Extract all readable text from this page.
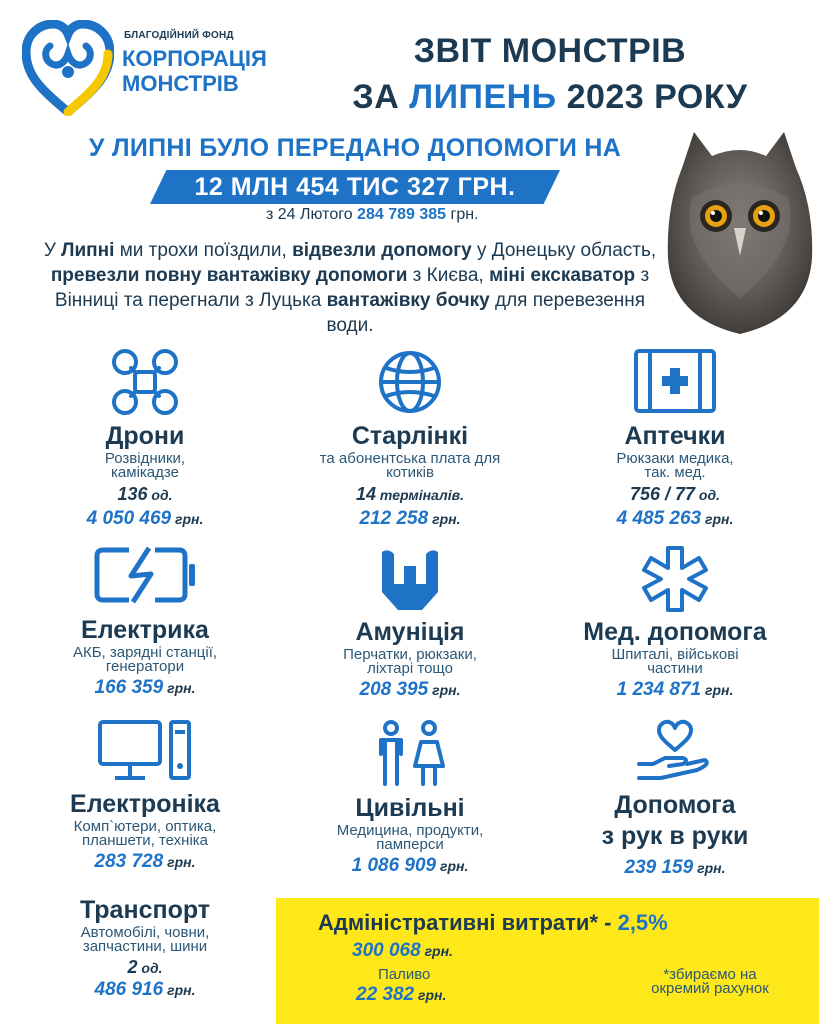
БЛАГОДІЙНИЙ ФОНД
КОРПОРАЦІЯ
МОНСТРІВ
ЗВІТ МОНСТРІВ
ЗА ЛИПЕНЬ 2023 РОКУ
У ЛИПНІ БУЛО ПЕРЕДАНО ДОПОМОГИ НА
12 МЛН 454 ТИС 327 ГРН.
з 24 Лютого 284 789 385 грн.
У Липні ми трохи поїздили, відвезли допомогу у Донецьку область, превезли повну вантажівку допомоги з Києва, міні екскаватор з Вінниці та перегнали з Луцька вантажівку бочку для перевезення води.
Дрони
Розвідники,
камікадзе
136 од.
4 050 469 грн.
Старлінкі
та абонентська плата для
котиків
14 терміналів.
212 258 грн.
Аптечки
Рюкзаки медика,
так. мед.
756 / 77 од.
4 485 263 грн.
Електрика
АКБ, зарядні станції,
генератори
166 359 грн.
Амуніція
Перчатки, рюкзаки,
ліхтарі тощо
208 395 грн.
Мед. допомога
Шпиталі, військові
частини
1 234 871 грн.
Електроніка
Комп`ютери, оптика,
планшети, техніка
283 728 грн.
Цивільні
Медицина, продукти,
памперси
1 086 909 грн.
Допомога
з рук в руки
239 159 грн.
Транспорт
Автомобілі, човни,
запчастини, шини
2 од.
486 916 грн.
Адміністративні витрати* - 2,5%
300 068 грн.
Паливо
22 382 грн.
*збираємо на
окремий рахунок
